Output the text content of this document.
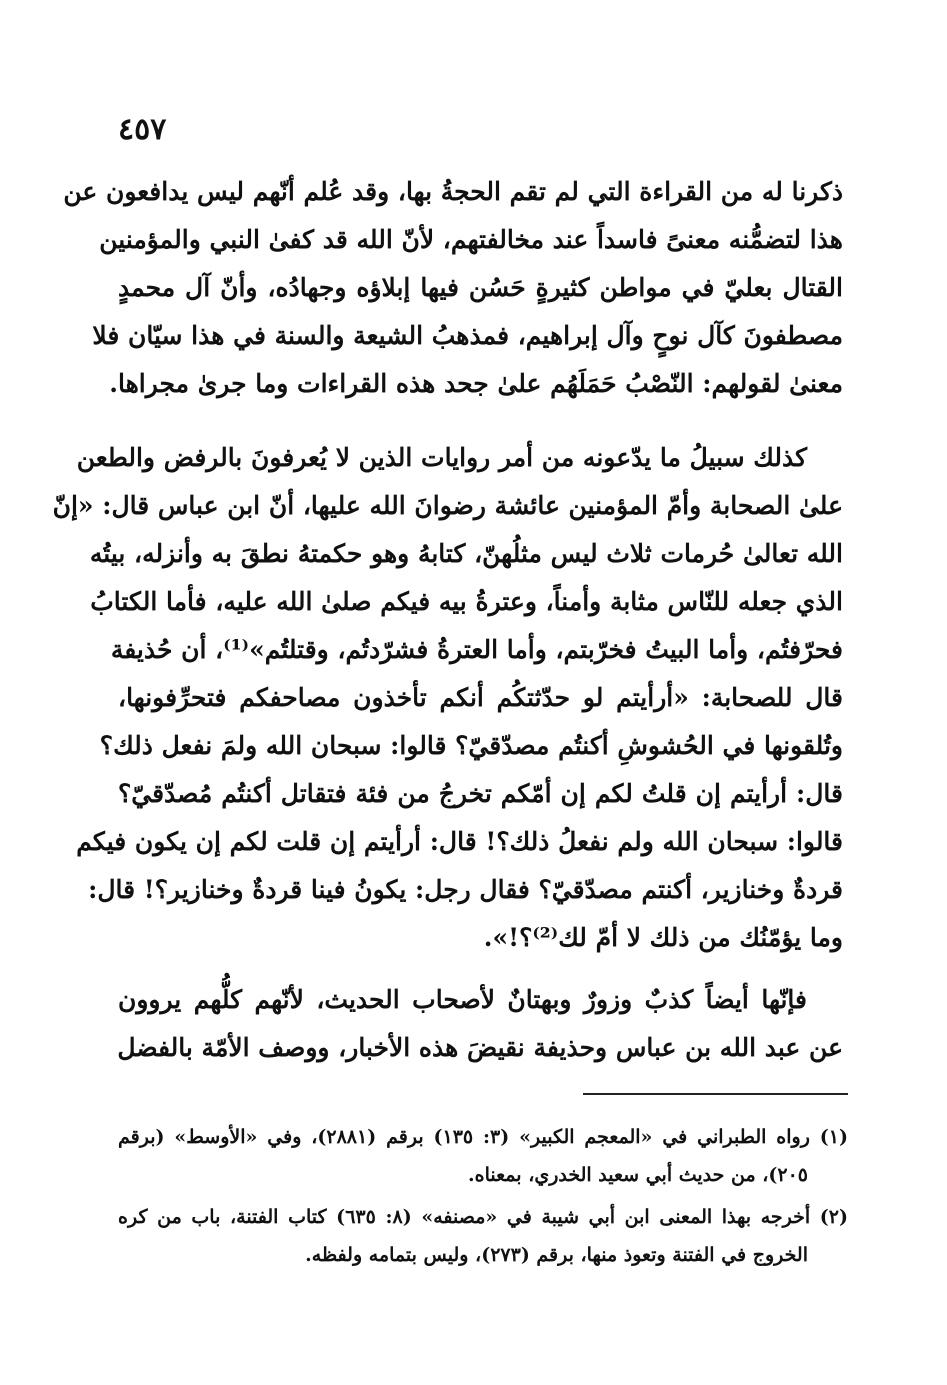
٤٥٧
ذكرنا له من القراءة التي لم تقم الحجةُ بها، وقد عُلم أنّهم ليس يدافعون عن
هذا لتضمُّنه معنىً فاسداً عند مخالفتهم، لأنّ الله قد كفىٰ النبي والمؤمنين
القتال بعليّ في مواطن كثيرةٍ حَسُن فيها إبلاؤه وجهادُه، وأنّ آل محمدٍ
مصطفونَ كآل نوحٍ وآل إبراهيم، فمذهبُ الشيعة والسنة في هذا سيّان فلا
معنىٰ لقولهم: النّصْبُ حَمَلَهُم علىٰ جحد هذه القراءات وما جرىٰ مجراها.
كذلك سبيلُ ما يدّعونه من أمر روايات الذين لا يُعرفونَ بالرفض والطعن
علىٰ الصحابة وأمّ المؤمنين عائشة رضوانَ الله عليها، أنّ ابن عباس قال: «إنّ
الله تعالىٰ حُرمات ثلاث ليس مثلُهنّ، كتابهُ وهو حكمتهُ نطقَ به وأنزله، بيتُه
الذي جعله للنّاس مثابة وأمناً، وعترةُ بيه فيكم صلىٰ الله عليه، فأما الكتابُ
فحرّفتُم، وأما البيتُ فخرّبتم، وأما العترةُ فشرّدتُم، وقتلتُم»⁽¹⁾، أن حُذيفة
قال للصحابة: «أرأيتم لو حدّثتكُم أنكم تأخذون مصاحفكم فتحرِّفونها،
وتُلقونها في الحُشوشِ أكنتُم مصدّقيّ؟ قالوا: سبحان الله ولمَ نفعل ذلك؟
قال: أرأيتم إن قلتُ لكم إن أمّكم تخرجُ من فئة فتقاتل أكنتُم مُصدّقيّ؟
قالوا: سبحان الله ولم نفعلُ ذلك؟! قال: أرأيتم إن قلت لكم إن يكون فيكم
قردةٌ وخنازير، أكنتم مصدّقيّ؟ فقال رجل: يكونُ فينا قردةٌ وخنازير؟! قال:
وما يؤمّنُك من ذلك لا أمّ لك⁽²⁾؟!».
فإنّها أيضاً كذبٌ وزورٌ وبهتانٌ لأصحاب الحديث، لأنّهم كلُّهم يروون
عن عبد الله بن عباس وحذيفة نقيضَ هذه الأخبار، ووصف الأمّة بالفضل
(١) رواه الطبراني في «المعجم الكبير» (٣: ١٣٥) برقم (٢٨٨١)، وفي «الأوسط» (برقم
٢٠٥)، من حديث أبي سعيد الخدري، بمعناه.
(٢) أخرجه بهذا المعنى ابن أبي شيبة في «مصنفه» (٨: ٦٣٥) كتاب الفتنة، باب من كره
الخروج في الفتنة وتعوذ منها، برقم (٢٧٣)، وليس بتمامه ولفظه.
